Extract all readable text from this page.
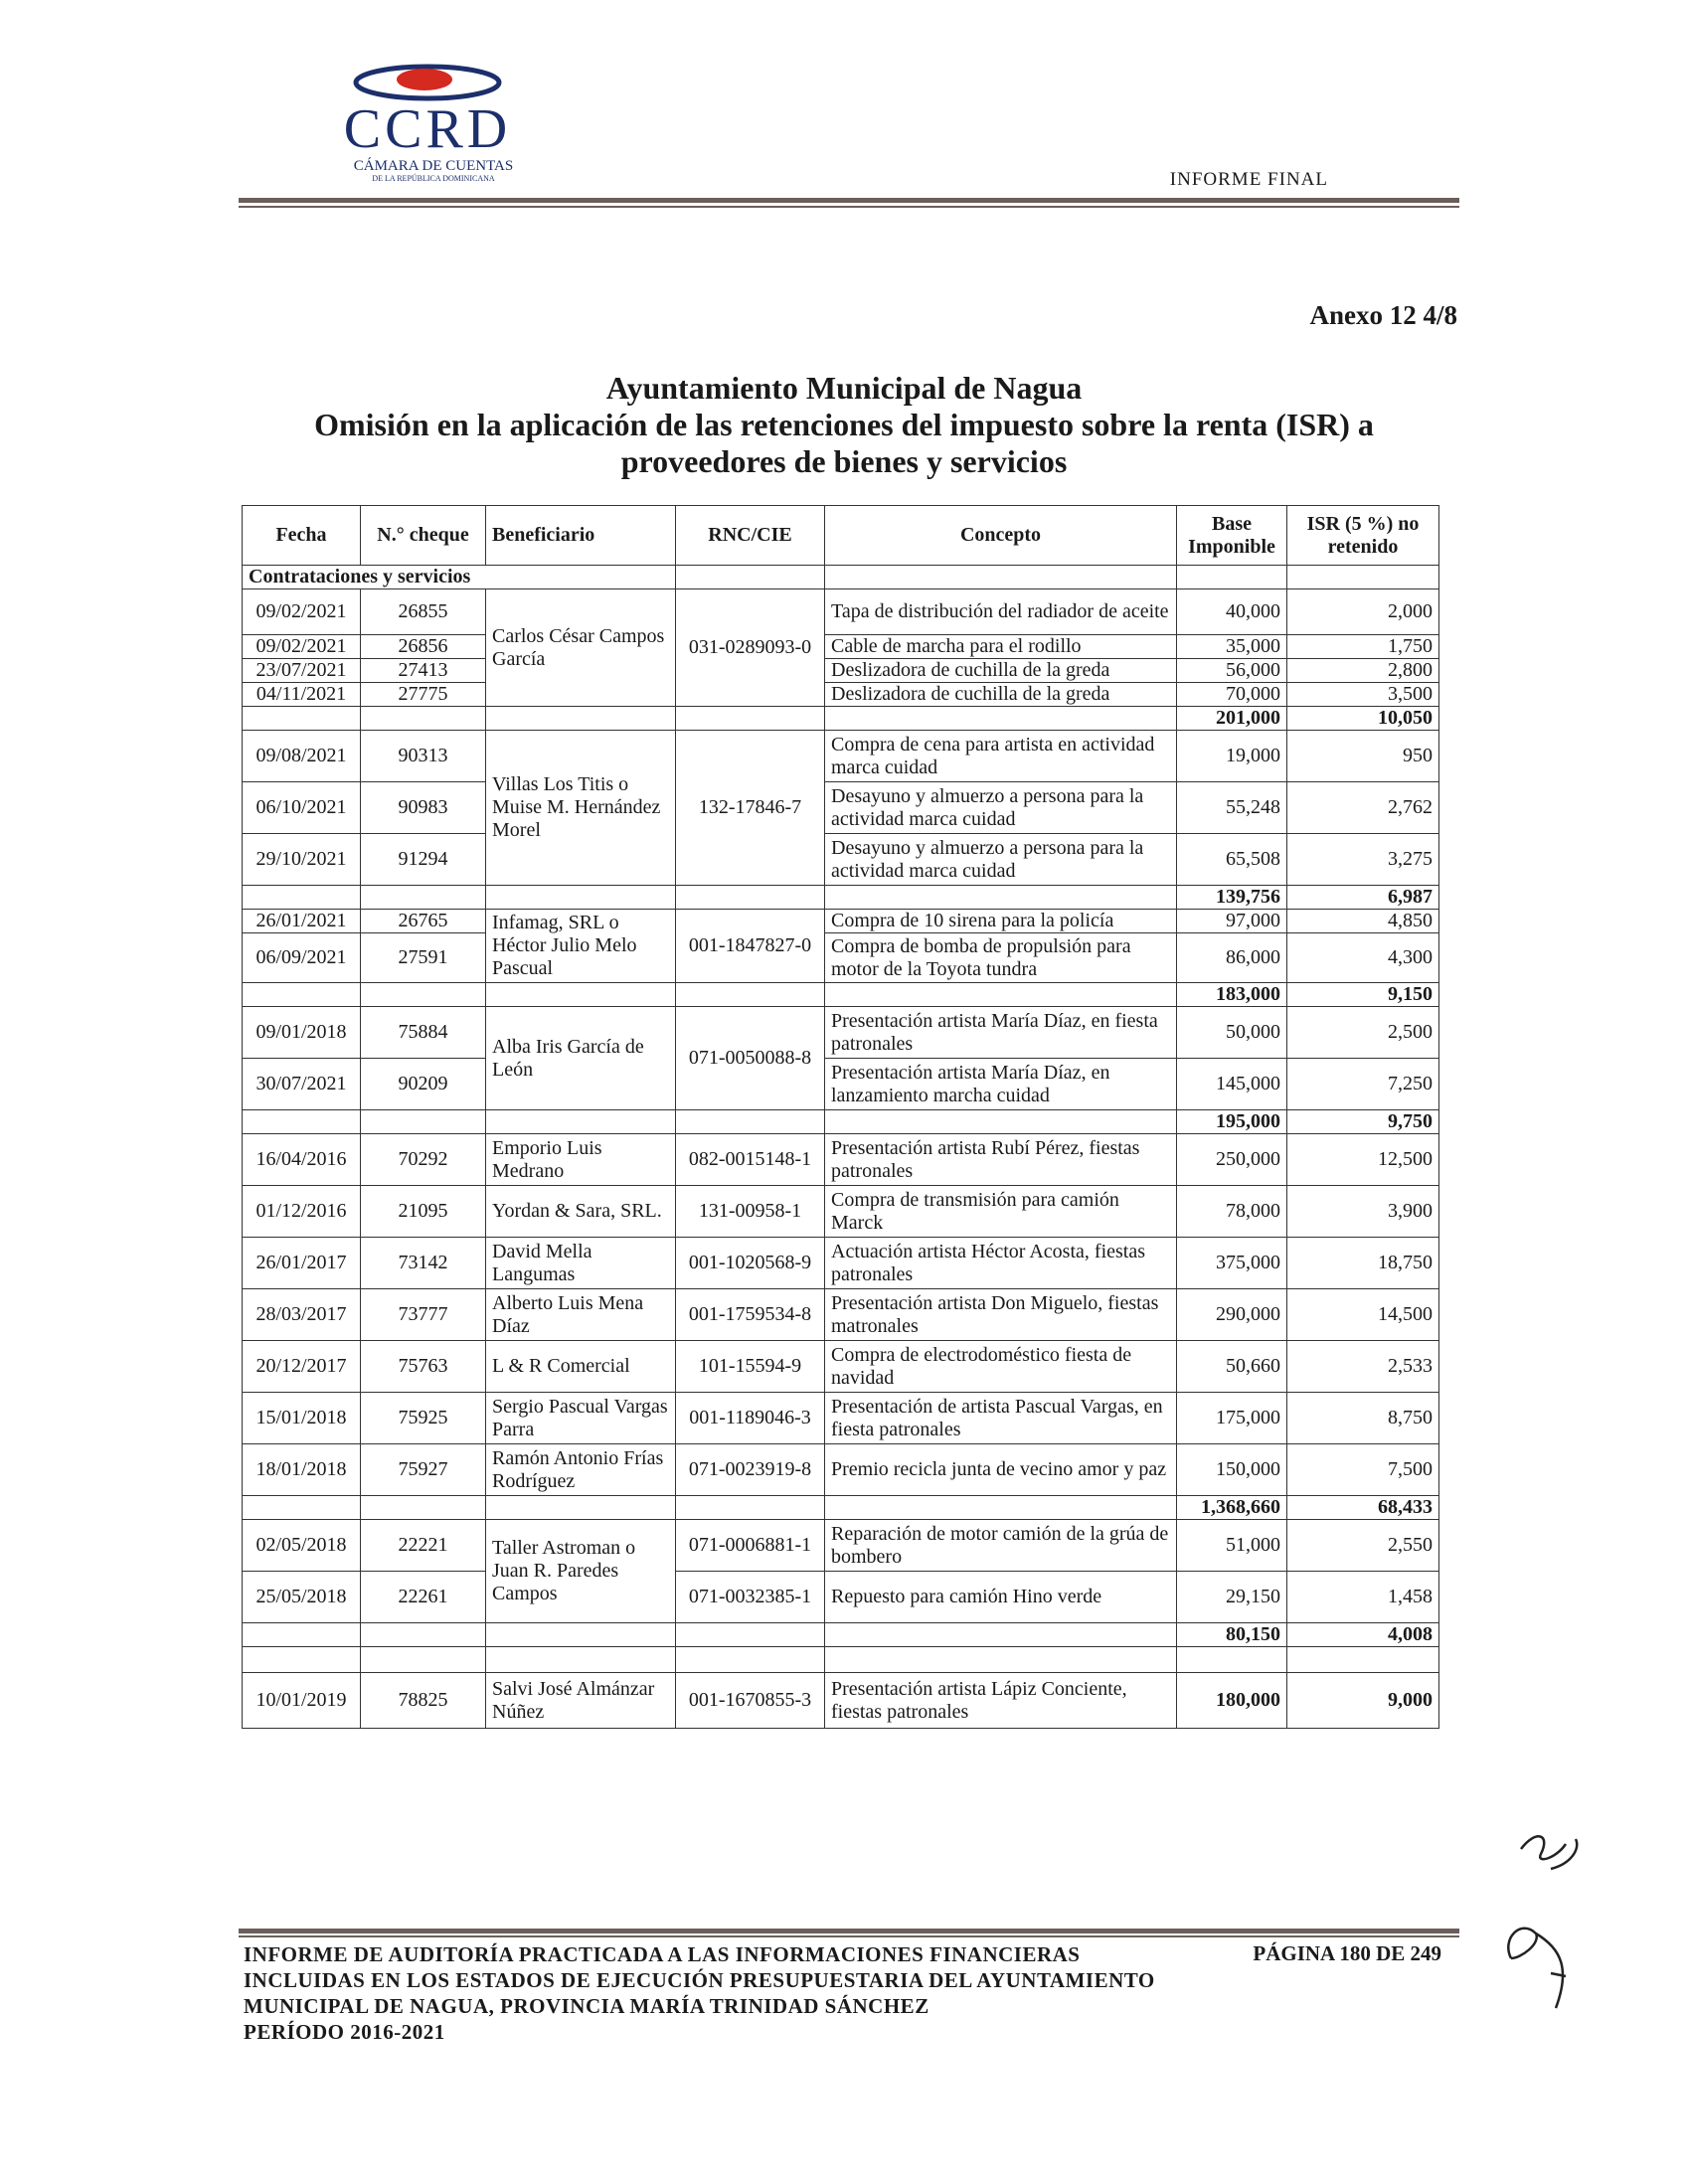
CCRD
CÁMARA DE CUENTAS
DE LA REPÚBLICA DOMINICANA	INFORME FINAL
Anexo 12 4/8
Ayuntamiento Municipal de Nagua
Omisión en la aplicación de las retenciones del impuesto sobre la renta (ISR) a
proveedores de bienes y servicios
Fecha	N.° cheque	Beneficiario	RNC/CIE	Concepto	Base Imponible	ISR (5 %) no retenido
Contrataciones y servicios						
09/02/2021	26855	Carlos César Campos García	031-0289093-0	Tapa de distribución del radiador de aceite	40,000	2,000
09/02/2021	26856			Cable de marcha para el rodillo	35,000	1,750
23/07/2021	27413			Deslizadora de cuchilla de la greda	56,000	2,800
04/11/2021	27775			Deslizadora de cuchilla de la greda	70,000	3,500
					201,000	10,050
09/08/2021	90313	Villas Los Titis o Muise M. Hernández Morel	132-17846-7	Compra de cena para artista en actividad marca cuidad	19,000	950
06/10/2021	90983			Desayuno y almuerzo a persona para la actividad marca cuidad	55,248	2,762
29/10/2021	91294			Desayuno y almuerzo a persona para la actividad marca cuidad	65,508	3,275
					139,756	6,987
26/01/2021	26765	Infamag, SRL o Héctor Julio Melo Pascual	001-1847827-0	Compra de 10 sirena para la policía	97,000	4,850
06/09/2021	27591			Compra de bomba de propulsión para motor de la Toyota tundra	86,000	4,300
					183,000	9,150
09/01/2018	75884	Alba Iris García de León	071-0050088-8	Presentación artista María Díaz, en fiesta patronales	50,000	2,500
30/07/2021	90209			Presentación artista María Díaz, en lanzamiento marcha cuidad	145,000	7,250
					195,000	9,750
16/04/2016	70292	Emporio Luis Medrano	082-0015148-1	Presentación artista Rubí Pérez, fiestas patronales	250,000	12,500
01/12/2016	21095	Yordan & Sara, SRL.	131-00958-1	Compra de transmisión para camión Marck	78,000	3,900
26/01/2017	73142	David Mella Langumas	001-1020568-9	Actuación artista Héctor Acosta, fiestas patronales	375,000	18,750
28/03/2017	73777	Alberto Luis Mena Díaz	001-1759534-8	Presentación artista Don Miguelo, fiestas matronales	290,000	14,500
20/12/2017	75763	L & R Comercial	101-15594-9	Compra de electrodoméstico fiesta de navidad	50,660	2,533
15/01/2018	75925	Sergio Pascual Vargas Parra	001-1189046-3	Presentación de artista Pascual Vargas, en fiesta patronales	175,000	8,750
18/01/2018	75927	Ramón Antonio Frías Rodríguez	071-0023919-8	Premio recicla junta de vecino amor y paz	150,000	7,500
					1,368,660	68,433
02/05/2018	22221	Taller Astroman o Juan R. Paredes Campos	071-0006881-1	Reparación de motor camión de la grúa de bombero	51,000	2,550
25/05/2018	22261		071-0032385-1	Repuesto para camión Hino verde	29,150	1,458
					80,150	4,008

10/01/2019	78825	Salvi José Almánzar Núñez	001-1670855-3	Presentación artista Lápiz Conciente, fiestas patronales	180,000	9,000
INFORME DE AUDITORÍA PRACTICADA A LAS INFORMACIONES FINANCIERAS
INCLUIDAS EN LOS ESTADOS DE EJECUCIÓN PRESUPUESTARIA DEL AYUNTAMIENTO
MUNICIPAL DE NAGUA, PROVINCIA MARÍA TRINIDAD SÁNCHEZ
PERÍODO 2016-2021
PÁGINA 180 DE 249
